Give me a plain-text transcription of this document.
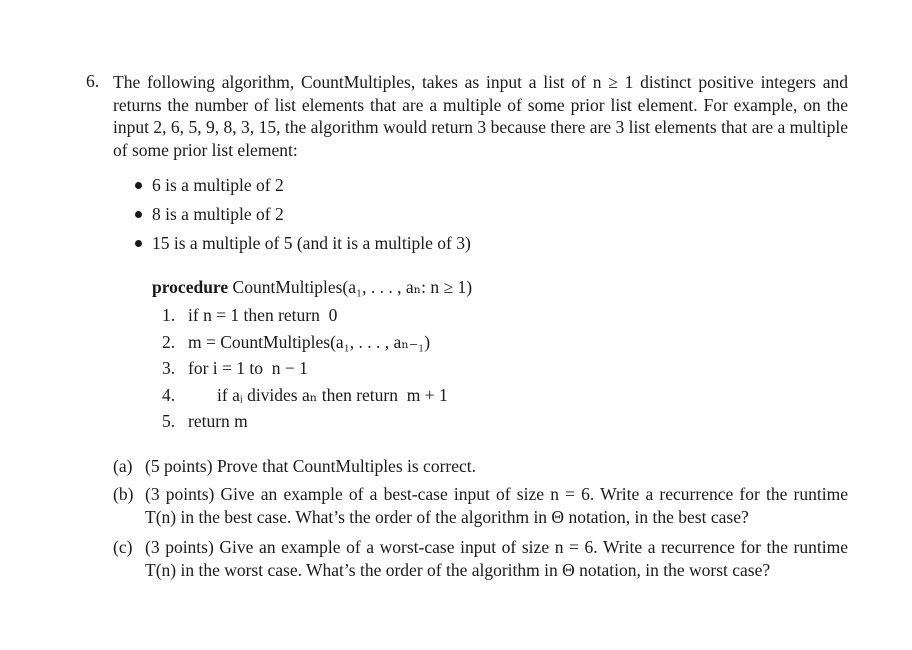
6. The following algorithm, CountMultiples, takes as input a list of n ≥ 1 distinct positive integers and returns the number of list elements that are a multiple of some prior list element. For example, on the input 2, 6, 5, 9, 8, 3, 15, the algorithm would return 3 because there are 3 list elements that are a multiple of some prior list element:
6 is a multiple of 2
8 is a multiple of 2
15 is a multiple of 5 (and it is a multiple of 3)
procedure CountMultiples(a₁, . . . , aₙ: n ≥ 1)
1. if n = 1 then return  0
2. m = CountMultiples(a₁, . . . , aₙ₋₁)
3. for i = 1 to  n − 1
4. if aᵢ divides aₙ then return  m + 1
5. return m
(a) (5 points) Prove that CountMultiples is correct.
(b) (3 points) Give an example of a best-case input of size n = 6. Write a recurrence for the runtime T(n) in the best case. What’s the order of the algorithm in Θ notation, in the best case?
(c) (3 points) Give an example of a worst-case input of size n = 6. Write a recurrence for the runtime T(n) in the worst case. What’s the order of the algorithm in Θ notation, in the worst case?
